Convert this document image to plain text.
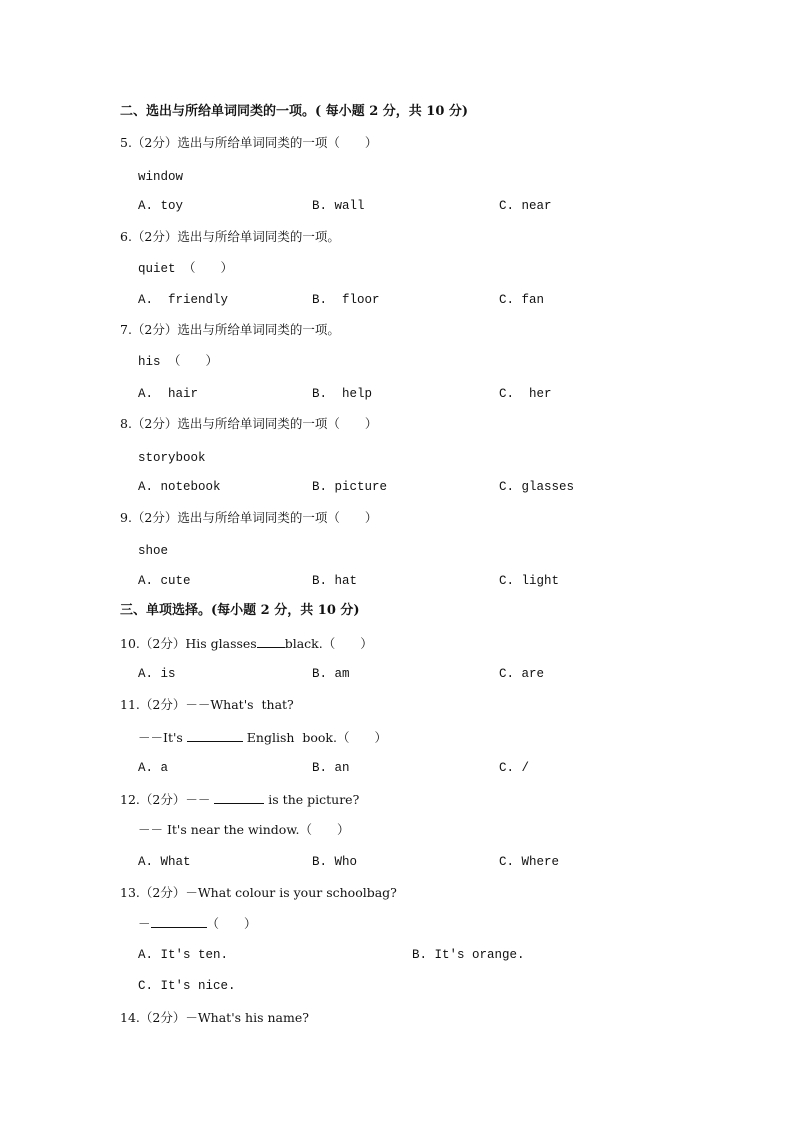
二、选出与所给单词同类的一项。( 每小题 2 分，共 10 分)
5.（2分）选出与所给单词同类的一项（　　）
window
A. toy	B. wall	C. near
6.（2分）选出与所给单词同类的一项。
quiet （　　）
A.  friendly	B.  floor	C. fan
7.（2分）选出与所给单词同类的一项。
his （　　）
A.  hair	B.  help	C.  her
8.（2分）选出与所给单词同类的一项（　　）
storybook
A. notebook	B. picture	C. glasses
9.（2分）选出与所给单词同类的一项（　　）
shoe
A. cute	B. hat	C. light
三、单项选择。(每小题 2 分，共 10 分)
10.（2分）His glasses black.（　　）
A. is	B. am	C. are
11.（2分）－－What's  that?
－－It's	English  book.（　　）
A. a	B. an	C. /
12.（2分）－－	is the picture?
－－ It's near the window.（　　）
A. What	B. Who	C. Where
13.（2分）－What colour is your schoolbag?
－	（　　）
A. It's ten.	B. It's orange.
C. It's nice.
14.（2分）－What's his name?
